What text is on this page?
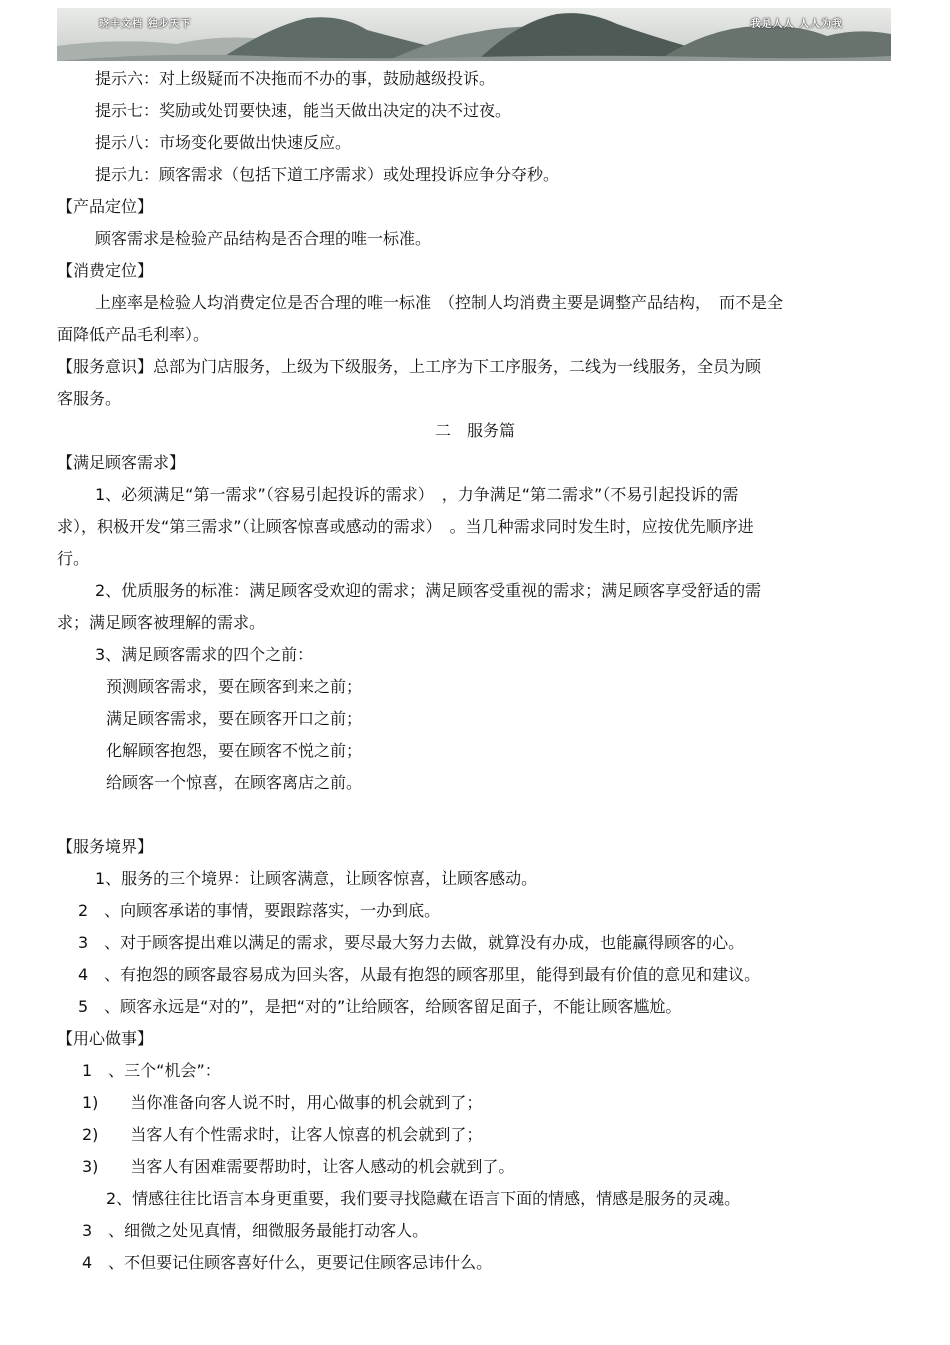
晓丰文档 独步天下	我是人人 人人为我
提示六：对上级疑而不决拖而不办的事，鼓励越级投诉。
提示七：奖励或处罚要快速，能当天做出决定的决不过夜。
提示八：市场变化要做出快速反应。
提示九：顾客需求（包括下道工序需求）或处理投诉应争分夺秒。
【产品定位】
顾客需求是检验产品结构是否合理的唯一标准。
【消费定位】
上座率是检验人均消费定位是否合理的唯一标准　（控制人均消费主要是调整产品结构，　而不是全
面降低产品毛利率）。
【服务意识】总部为门店服务，上级为下级服务，上工序为下工序服务，二线为一线服务，全员为顾
客服务。
二　服务篇
【满足顾客需求】
1、必须满足“第一需求”（容易引起投诉的需求）　，力争满足“第二需求”（不易引起投诉的需
求），积极开发“第三需求”（让顾客惊喜或感动的需求）　。当几种需求同时发生时，应按优先顺序进
行。
2、优质服务的标准：满足顾客受欢迎的需求；满足顾客受重视的需求；满足顾客享受舒适的需
求；满足顾客被理解的需求。
3、满足顾客需求的四个之前：
预测顾客需求，要在顾客到来之前；
满足顾客需求，要在顾客开口之前；
化解顾客抱怨，要在顾客不悦之前；
给顾客一个惊喜，在顾客离店之前。
【服务境界】
1、服务的三个境界：让顾客满意，让顾客惊喜，让顾客感动。
2　、向顾客承诺的事情，要跟踪落实，一办到底。
3　、对于顾客提出难以满足的需求，要尽最大努力去做，就算没有办成，也能赢得顾客的心。
4　、有抱怨的顾客最容易成为回头客，从最有抱怨的顾客那里，能得到最有价值的意见和建议。
5　、顾客永远是“对的”，是把“对的”让给顾客，给顾客留足面子，不能让顾客尴尬。
【用心做事】
1　、三个“机会”：
1)　　当你准备向客人说不时，用心做事的机会就到了；
2)　　当客人有个性需求时，让客人惊喜的机会就到了；
3)　　当客人有困难需要帮助时，让客人感动的机会就到了。
2、情感往往比语言本身更重要，我们要寻找隐藏在语言下面的情感，情感是服务的灵魂。
3　、细微之处见真情，细微服务最能打动客人。
4　、不但要记住顾客喜好什么，更要记住顾客忌讳什么。
